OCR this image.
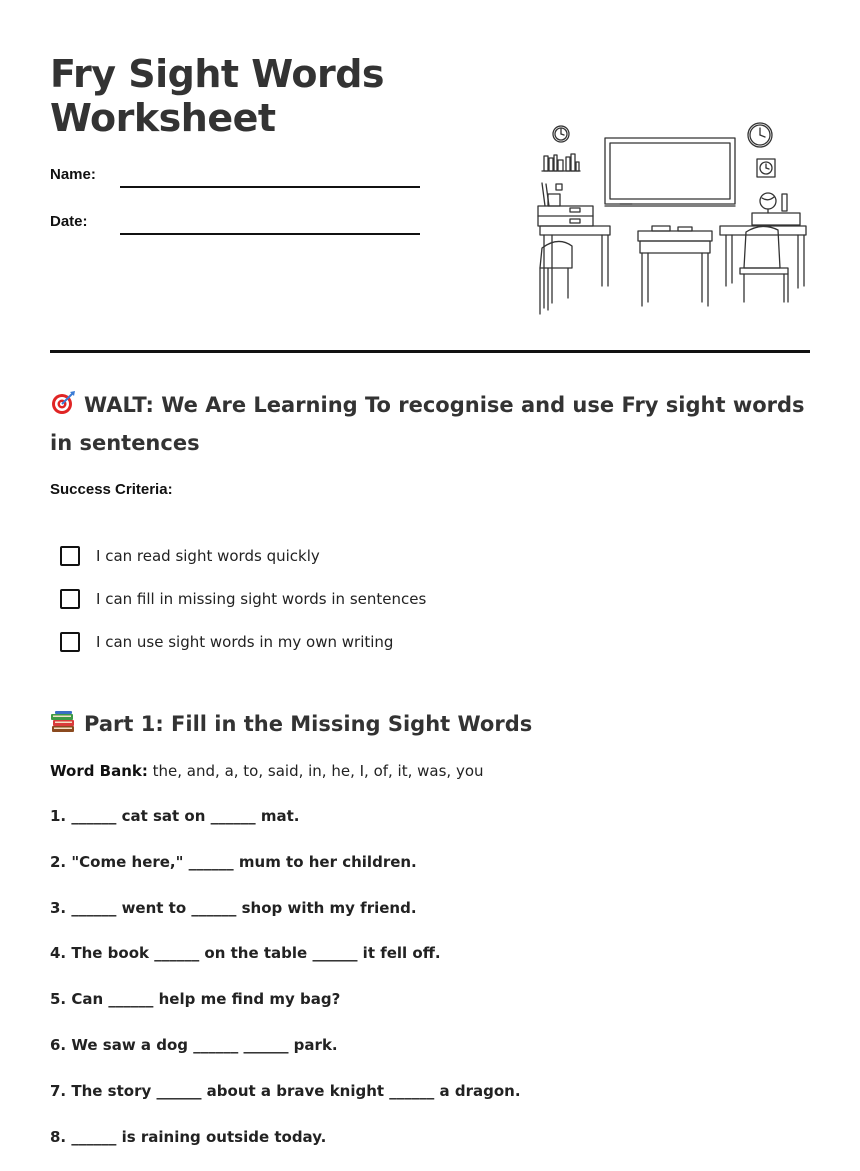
Fry Sight Words
Worksheet
Name:
Date:
WALT: We Are Learning To recognise and use Fry sight words in sentences
Success Criteria:
I can read sight words quickly
I can fill in missing sight words in sentences
I can use sight words in my own writing
Part 1: Fill in the Missing Sight Words
Word Bank: the, and, a, to, said, in, he, I, of, it, was, you
1. ______ cat sat on ______ mat.
2. "Come here," ______ mum to her children.
3. ______ went to ______ shop with my friend.
4. The book ______ on the table ______ it fell off.
5. Can ______ help me find my bag?
6. We saw a dog ______ ______ park.
7. The story ______ about a brave knight ______ a dragon.
8. ______ is raining outside today.
